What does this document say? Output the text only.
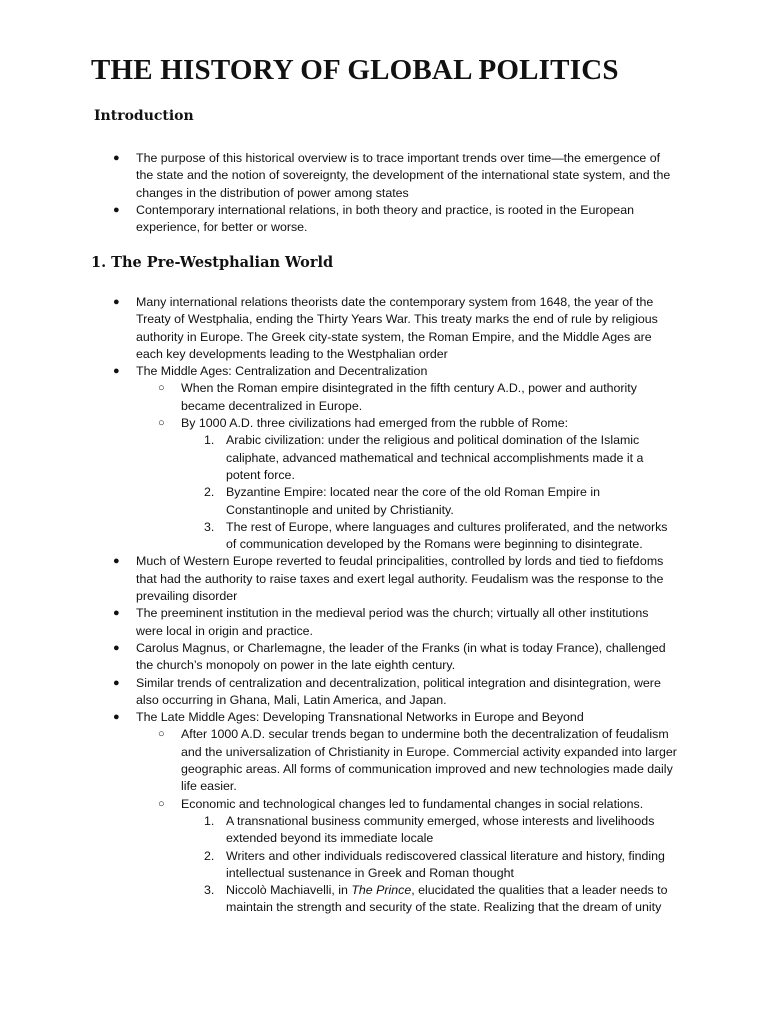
THE HISTORY OF GLOBAL POLITICS
Introduction
● The purpose of this historical overview is to trace important trends over time—the emergence of the state and the notion of sovereignty, the development of the international state system, and the changes in the distribution of power among states
● Contemporary international relations, in both theory and practice, is rooted in the European experience, for better or worse.
1. The Pre-Westphalian World
● Many international relations theorists date the contemporary system from 1648, the year of the Treaty of Westphalia, ending the Thirty Years War. This treaty marks the end of rule by religious authority in Europe. The Greek city-state system, the Roman Empire, and the Middle Ages are each key developments leading to the Westphalian order
● The Middle Ages: Centralization and Decentralization
○ When the Roman empire disintegrated in the fifth century A.D., power and authority became decentralized in Europe.
○ By 1000 A.D. three civilizations had emerged from the rubble of Rome:
1. Arabic civilization: under the religious and political domination of the Islamic caliphate, advanced mathematical and technical accomplishments made it a potent force.
2. Byzantine Empire: located near the core of the old Roman Empire in Constantinople and united by Christianity.
3. The rest of Europe, where languages and cultures proliferated, and the networks of communication developed by the Romans were beginning to disintegrate.
● Much of Western Europe reverted to feudal principalities, controlled by lords and tied to fiefdoms that had the authority to raise taxes and exert legal authority. Feudalism was the response to the prevailing disorder
● The preeminent institution in the medieval period was the church; virtually all other institutions were local in origin and practice.
● Carolus Magnus, or Charlemagne, the leader of the Franks (in what is today France), challenged the church’s monopoly on power in the late eighth century.
● Similar trends of centralization and decentralization, political integration and disintegration, were also occurring in Ghana, Mali, Latin America, and Japan.
● The Late Middle Ages: Developing Transnational Networks in Europe and Beyond
○ After 1000 A.D. secular trends began to undermine both the decentralization of feudalism and the universalization of Christianity in Europe. Commercial activity expanded into larger geographic areas. All forms of communication improved and new technologies made daily life easier.
○ Economic and technological changes led to fundamental changes in social relations.
1. A transnational business community emerged, whose interests and livelihoods extended beyond its immediate locale
2. Writers and other individuals rediscovered classical literature and history, finding intellectual sustenance in Greek and Roman thought
3. Niccolò Machiavelli, in The Prince, elucidated the qualities that a leader needs to maintain the strength and security of the state. Realizing that the dream of unity
